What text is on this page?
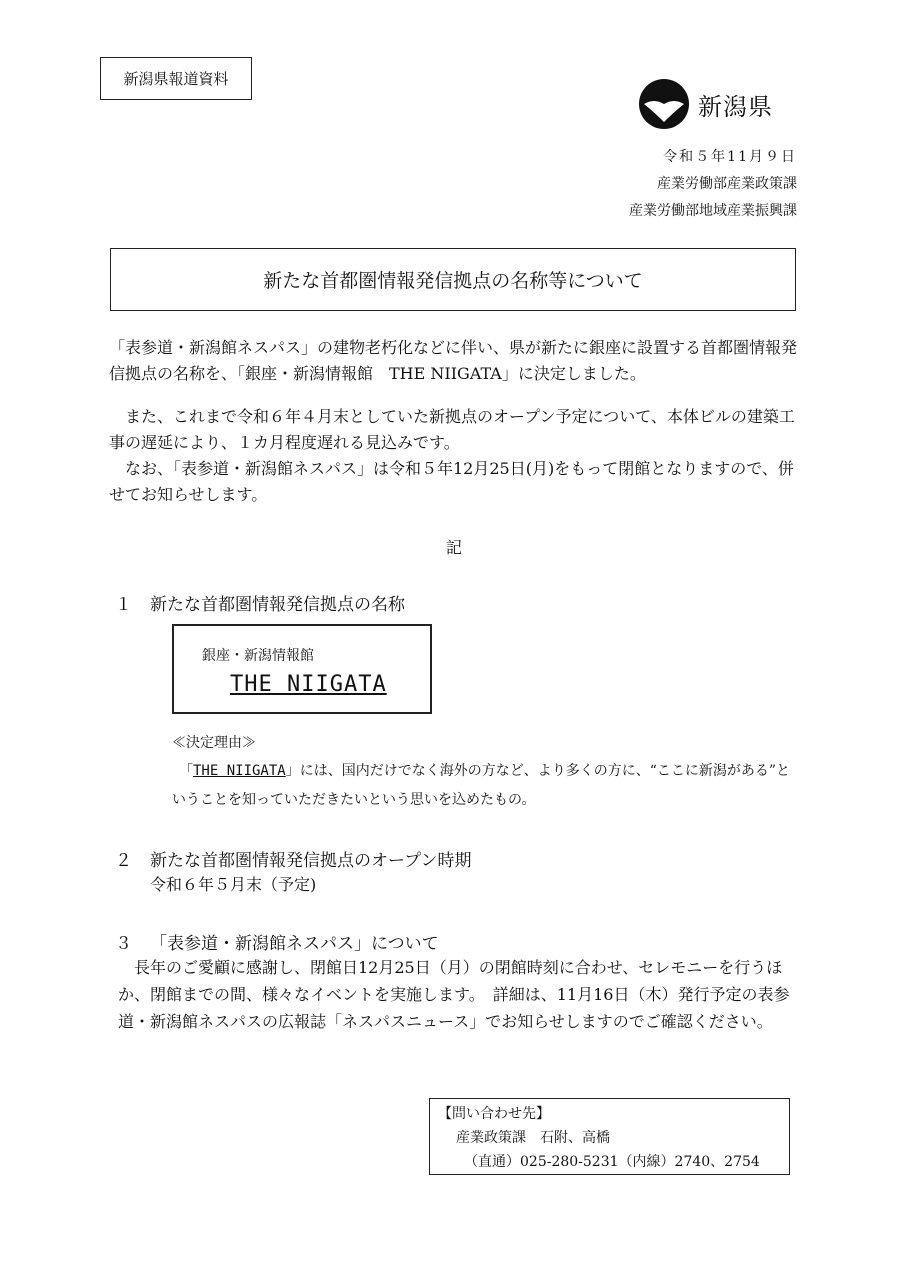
新潟県報道資料
新潟県
令和５年11月９日
産業労働部産業政策課
産業労働部地域産業振興課
新たな首都圏情報発信拠点の名称等について
「表参道・新潟館ネスパス」の建物老朽化などに伴い、県が新たに銀座に設置する首都圏情報発信拠点の名称を、「銀座・新潟情報館　THE NIIGATA」に決定しました。
　また、これまで令和６年４月末としていた新拠点のオープン予定について、本体ビルの建築工事の遅延により、１カ月程度遅れる見込みです。
　なお、「表参道・新潟館ネスパス」は令和５年12月25日(月)をもって閉館となりますので、併せてお知らせします。
記
１ 新たな首都圏情報発信拠点の名称
銀座・新潟情報館
THE NIIGATA
≪決定理由≫
　「THE NIIGATA」には、国内だけでなく海外の方など、より多くの方に、“ここに新潟がある”ということを知っていただきたいという思いを込めたもの。
２ 新たな首都圏情報発信拠点のオープン時期
令和６年５月末（予定)
３ 「表参道・新潟館ネスパス」について
　長年のご愛顧に感謝し、閉館日12月25日（月）の閉館時刻に合わせ、セレモニーを行うほか、閉館までの間、様々なイベントを実施します。　詳細は、11月16日（木）発行予定の表参道・新潟館ネスパスの広報誌「ネスパスニュース」でお知らせしますのでご確認ください。
【問い合わせ先】
産業政策課　石附、高橋
（直通）025-280-5231（内線）2740、2754
